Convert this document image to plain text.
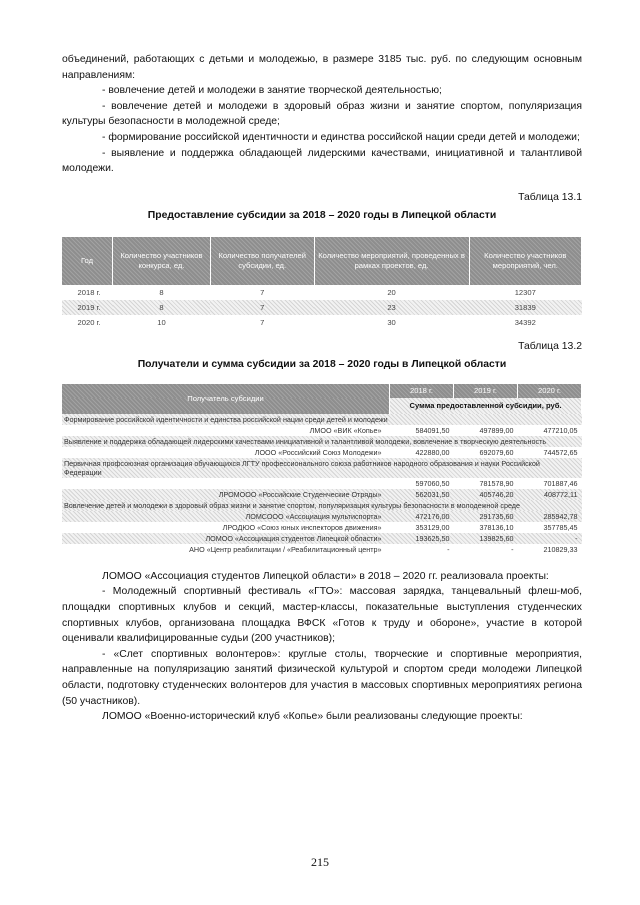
объединений, работающих с детьми и молодежью, в размере 3185 тыс. руб. по следующим основным направлениям:

- вовлечение детей и молодежи в занятие творческой деятельностью;

- вовлечение детей и молодежи в здоровый образ жизни и занятие спортом, популяризация культуры безопасности в молодежной среде;

- формирование российской идентичности и единства российской нации среди детей и молодежи;

- выявление и поддержка обладающей лидерскими качествами, инициативной и талантливой молодежи.

Таблица 13.1
Предоставление субсидии за 2018 – 2020 годы в Липецкой области
Год	Количество участников конкурса, ед.	Количество получателей субсидии, ед.	Количество мероприятий, проведенных в рамках проектов, ед.	Количество участников мероприятий, чел.
2018 г.	8	7	20	12307
2019 г.	8	7	23	31839
2020 г.	10	7	30	34392
Таблица 13.2
Получатели и сумма субсидии за 2018 – 2020 годы в Липецкой области
Получатель субсидии	2018 г.	2019 г.	2020 г.
	Сумма предоставленной субсидии, руб.		
Формирование российской идентичности и единства российской нации среди детей и молодежи			
ЛМОО «ВИК «Копье»	584091,50	497899,00	477210,05
Выявление и поддержка обладающей лидерскими качествами инициативной и талантливой молодежи, вовлечение в творческую деятельность			
ЛООО «Российский Союз Молодежи»	422880,00	692079,60	744572,65
Первичная профсоюзная организация обучающихся ЛГТУ профессионального союза работников народного образования и науки Российской Федерации			
	597060,50	781578,90	701887,46
ЛРОМООО «Российские Студенческие Отряды»	562031,50	405746,20	408772,11
Вовлечение детей и молодежи в здоровый образ жизни и занятие спортом, популяризация культуры безопасности в молодежной среде			
ЛОМСООО «Ассоциация мультиспорта»	472176,00	291735,60	285942,78
ЛРОДЮО «Союз юных инспекторов движения»	353129,00	378136,10	357785,45
ЛОМОО «Ассоциация студентов Липецкой области»	193625,50	139825,60	-
АНО «Центр реабилитации / «Реабилитационный центр»	-	-	210829,33

ЛОМОО «Ассоциация студентов Липецкой области» в 2018 – 2020 гг. реализовала проекты:

- Молодежный спортивный фестиваль «ГТО»: массовая зарядка, танцевальный флеш-моб, площадки спортивных клубов и секций, мастер-классы, показательные выступления студенческих спортивных клубов, организована площадка ВФСК «Готов к труду и обороне», участие в которой оценивали квалифицированные судьи (200 участников);

- «Слет спортивных волонтеров»: круглые столы, творческие и спортивные мероприятия, направленные на популяризацию занятий физической культурой и спортом среди молодежи Липецкой области, подготовку студенческих волонтеров для участия в массовых спортивных мероприятиях региона (50 участников).

ЛОМОО «Военно-исторический клуб «Копье» были реализованы следующие проекты:

215
